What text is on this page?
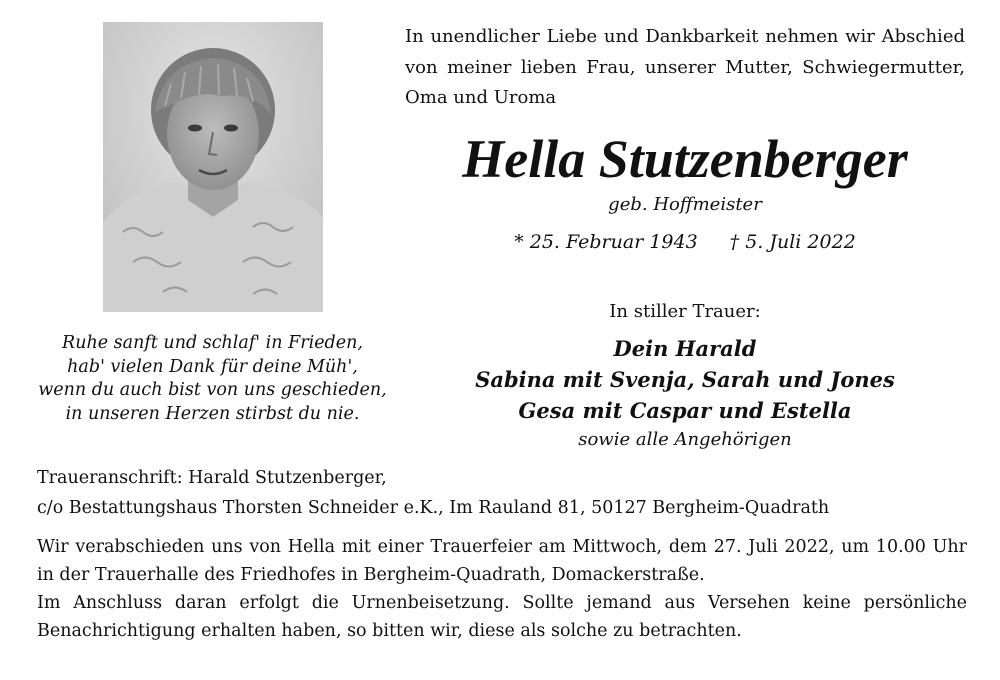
In unendlicher Liebe und Dankbarkeit nehmen wir Abschied
von meiner lieben Frau, unserer Mutter, Schwiegermutter,
Oma und Uroma
Hella Stutzenberger
geb. Hoffmeister
* 25. Februar 1943 † 5. Juli 2022
In stiller Trauer:
Dein Harald
Sabina mit Svenja, Sarah und Jones
Gesa mit Caspar und Estella
sowie alle Angehörigen
Ruhe sanft und schlaf' in Frieden,
hab' vielen Dank für deine Müh',
wenn du auch bist von uns geschieden,
in unseren Herzen stirbst du nie.
Traueranschrift: Harald Stutzenberger,
c/o Bestattungshaus Thorsten Schneider e.K., Im Rauland 81, 50127 Bergheim-Quadrath
Wir verabschieden uns von Hella mit einer Trauerfeier am Mittwoch, dem 27. Juli 2022, um 10.00 Uhr
in der Trauerhalle des Friedhofes in Bergheim-Quadrath, Domackerstraße.
Im Anschluss daran erfolgt die Urnenbeisetzung. Sollte jemand aus Versehen keine persönliche
Benachrichtigung erhalten haben, so bitten wir, diese als solche zu betrachten.
